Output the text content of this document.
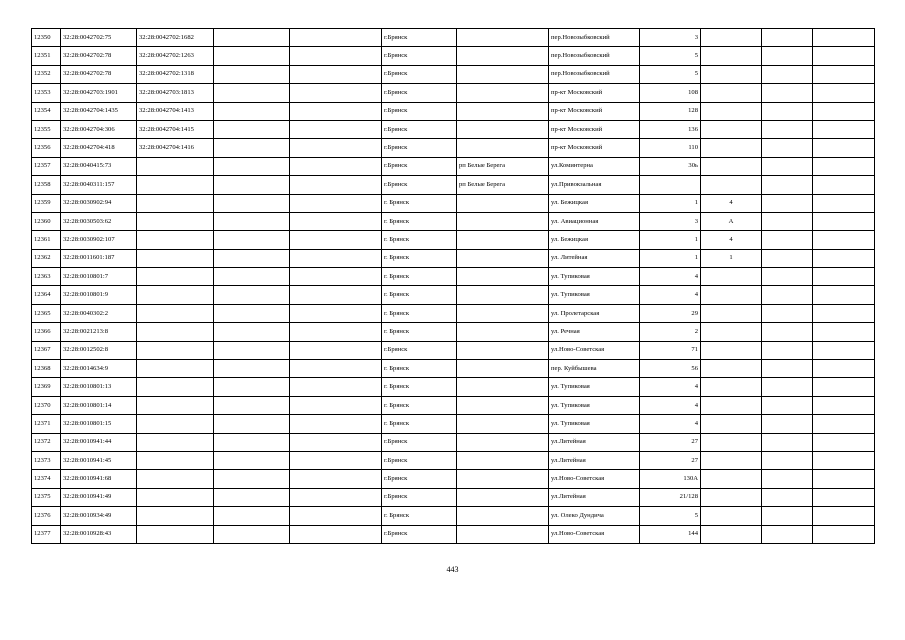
12350	32:28:0042702:75	32:28:0042702:1682			г.Брянск		пер.Новозыбковский	3			
12351	32:28:0042702:78	32:28:0042702:1263			г.Брянск		пер.Новозыбковский	5			
12352	32:28:0042702:78	32:28:0042702:1318			г.Брянск		пер.Новозыбковский	5			
12353	32:28:0042703:1901	32:28:0042703:1813			г.Брянск		пр-кт Московский	108			
12354	32:28:0042704:1435	32:28:0042704:1413			г.Брянск		пр-кт Московский	128			
12355	32:28:0042704:306	32:28:0042704:1415			г.Брянск		пр-кт Московский	136			
12356	32:28:0042704:418	32:28:0042704:1416			г.Брянск		пр-кт Московский	110			
12357	32:28:0040415:73				г.Брянск	рп Белые Берега	ул.Коминтерна	30ь			
12358	32:28:0040311:157				г.Брянск	рп Белые Берега	ул.Привокзальная				
12359	32:28:0030902:94				г. Брянск		ул. Бежицкая	1	4		
12360	32:28:0030503:62				г. Брянск		ул. Авиационная	3	А		
12361	32:28:0030902:107				г. Брянск		ул. Бежицкая	1	4		
12362	32:28:0011601:187				г. Брянск		ул. Литейная	1	1		
12363	32:28:0010801:7				г. Брянск		ул. Тупиковая	4			
12364	32:28:0010801:9				г. Брянск		ул. Тупиковая	4			
12365	32:28:0040302:2				г. Брянск		ул. Пролетарская	29			
12366	32:28:0021213:8				г. Брянск		ул. Речная	2			
12367	32:28:0012502:8				г.Брянск		ул.Ново-Советская	71			
12368	32:28:0014634:9				г. Брянск		пер. Куйбышева	56			
12369	32:28:0010801:13				г. Брянск		ул. Тупиковая	4			
12370	32:28:0010801:14				г. Брянск		ул. Тупиковая	4			
12371	32:28:0010801:15				г. Брянск		ул. Тупиковая	4			
12372	32:28:0010941:44				г.Брянск		ул.Литейная	27			
12373	32:28:0010941:45				г.Брянск		ул.Литейная	27			
12374	32:28:0010941:68				г.Брянск		ул.Ново-Советская	130А			
12375	32:28:0010941:49				г.Брянск		ул.Литейная	21/128			
12376	32:28:0010934:49				г. Брянск		ул. Олеко Дундича	5			
12377	32:28:0010928:43				г.Брянск		ул.Ново-Советская	144			
443
